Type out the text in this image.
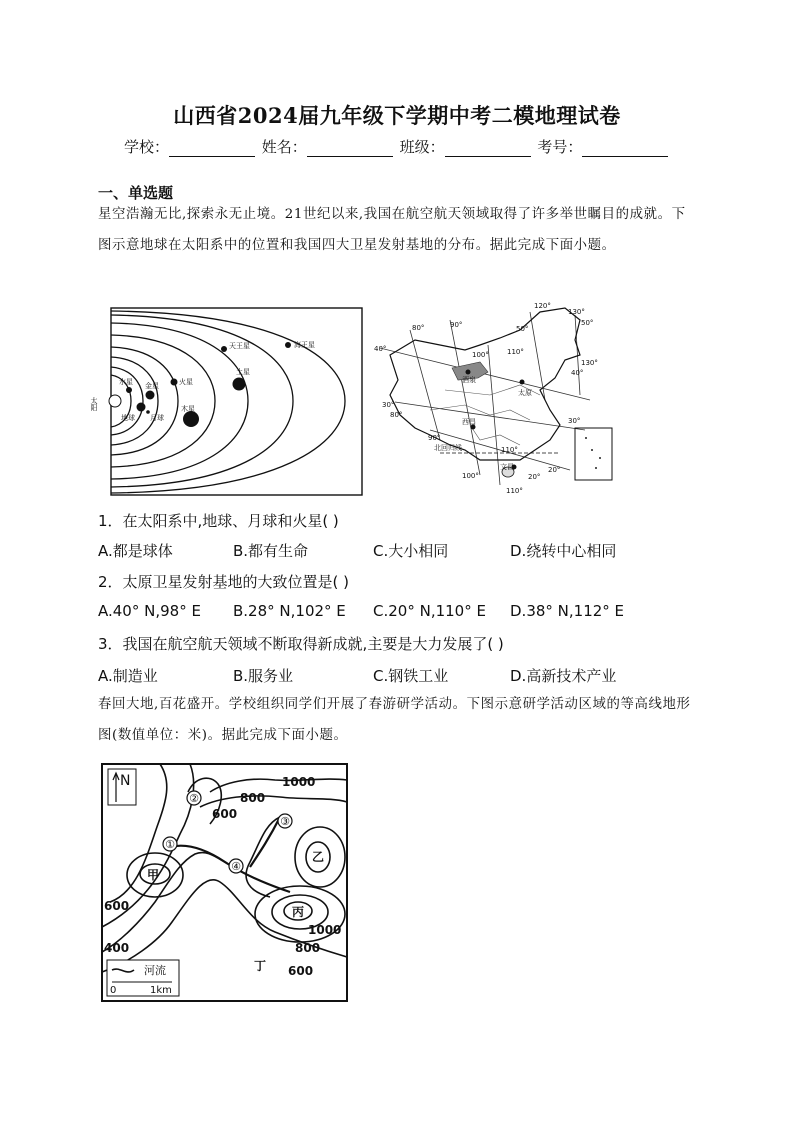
山西省2024届九年级下学期中考二模地理试卷
学校：	姓名：	班级：	考号：
一、单选题
星空浩瀚无比,探索永无止境。21世纪以来,我国在航空航天领域取得了许多举世瞩目的成就。下图示意地球在太阳系中的位置和我国四大卫星发射基地的分布。据此完成下面小题。
太阳
水星 金星
地球 月球
火星
木星
土星
天王星	海王星
80°	90°
120°
130°
50°
50°
40°
100°	110°
130°
40°
30°
80°
30°
90°
20°
100°
110°
20°
110°
酒泉
太原
西昌
文昌
北回归线
1．在太阳系中,地球、月球和火星( )
A.都是球体	B.都有生命	C.大小相同	D.绕转中心相同
2．太原卫星发射基地的大致位置是( )
A.40° N,98° E B.28° N,102° E C.20° N,110° E D.38° N,112° E
3．我国在航空航天领域不断取得新成就,主要是大力发展了( )
A.制造业	B.服务业	C.钢铁工业	D.高新技术产业
春回大地,百花盛开。学校组织同学们开展了春游研学活动。下图示意研学活动区域的等高线地形图(数值单位：米)。据此完成下面小题。
N
①
②
③
④
甲
乙
丙
丁
1000
800
600
600
400
1000
800
600
河流
0	1km
